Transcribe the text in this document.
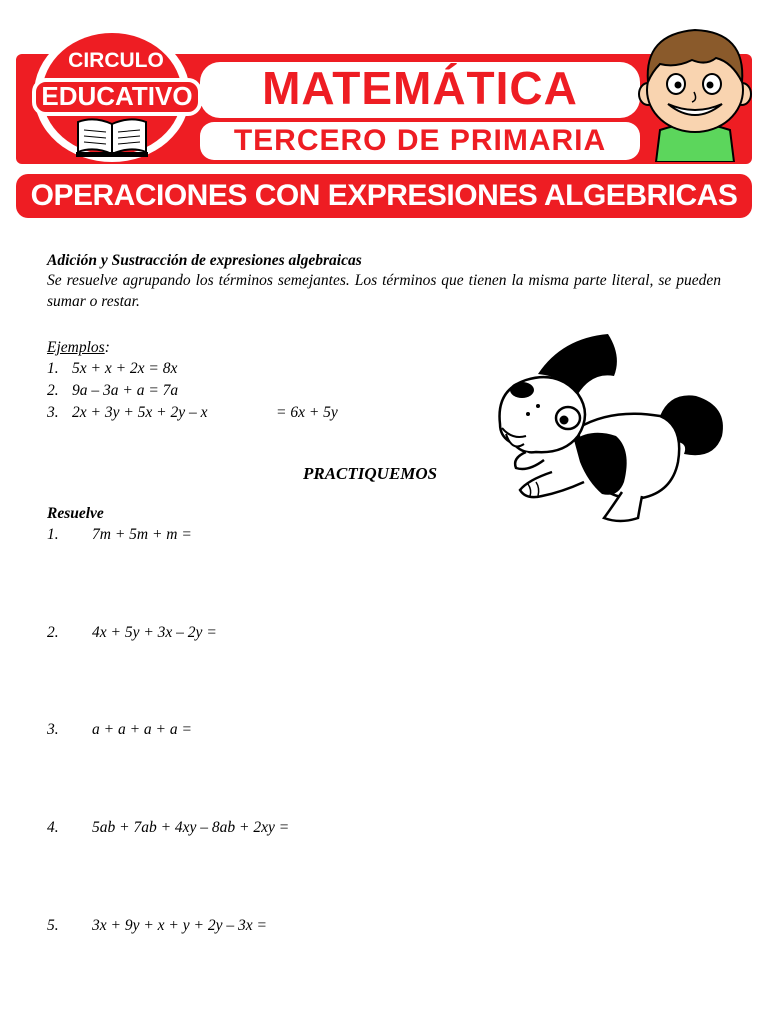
MATEMÁTICA
TERCERO DE PRIMARIA
CIRCULO
EDUCATIVO
OPERACIONES CON EXPRESIONES ALGEBRICAS
Adición y Sustracción de expresiones algebraicas
Se resuelve agrupando los términos semejantes. Los términos que tienen la misma parte literal, se pueden sumar o restar.
Ejemplos:
1. 5x + x + 2x = 8x
2. 9a – 3a + a = 7a
3. 2x + 3y + 5x + 2y – x	= 6x + 5y
PRACTIQUEMOS
Resuelve
1. 7m + 5m + m =
2. 4x + 5y + 3x – 2y =
3. a + a + a + a =
4. 5ab + 7ab + 4xy – 8ab + 2xy =
5. 3x + 9y + x + y + 2y – 3x =
